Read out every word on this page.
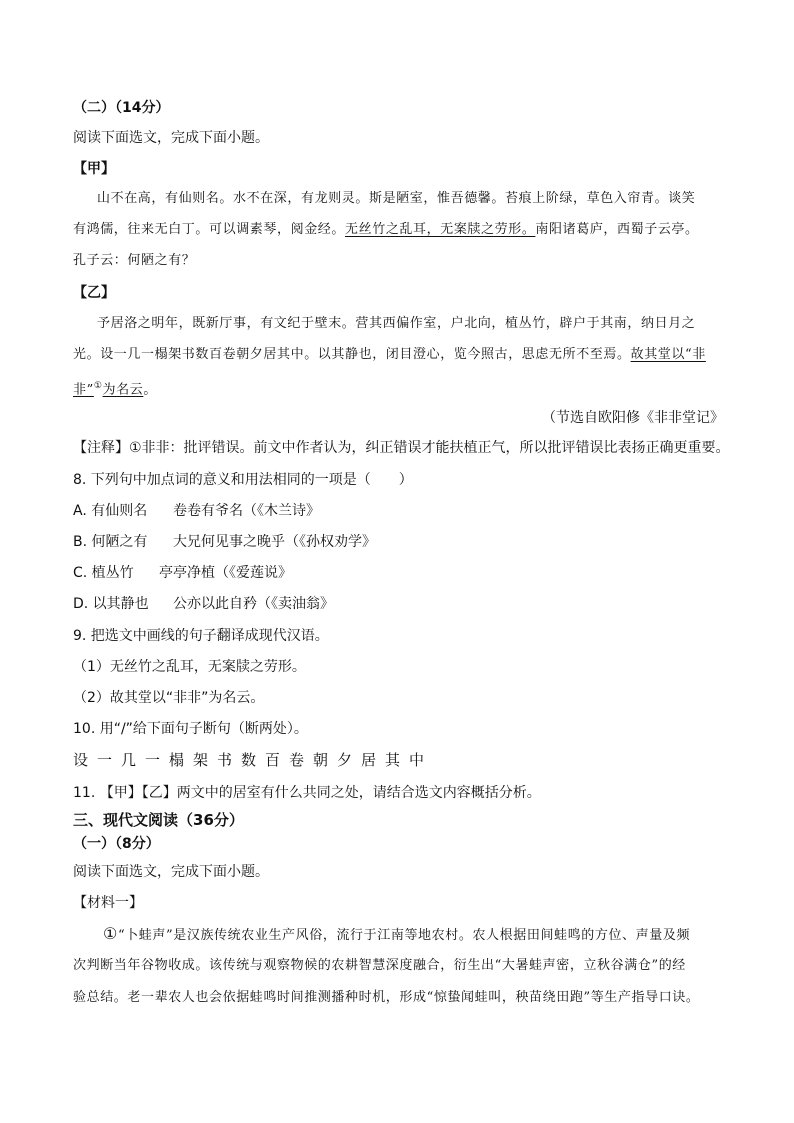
（二）（14分）
阅读下面选文，完成下面小题。
【甲】
山不在高，有仙则名。水不在深，有龙则灵。斯是陋室，惟吾德馨。苔痕上阶绿，草色入帘青。谈笑
有鸿儒，往来无白丁。可以调素琴，阅金经。无丝竹之乱耳，无案牍之劳形。南阳诸葛庐，西蜀子云亭。
孔子云：何陋之有？
【乙】
予居洛之明年，既新厅事，有文纪于壁末。营其西偏作室，户北向，植丛竹，辟户于其南，纳日月之
光。设一几一榻架书数百卷朝夕居其中。以其静也，闭目澄心，览今照古，思虑无所不至焉。故其堂以“非
非”①为名云。
（节选自欧阳修《非非堂记》
【注释】①非非：批评错误。前文中作者认为，纠正错误才能扶植正气，所以批评错误比表扬正确更重要。
8. 下列句中加点词的意义和用法相同的一项是（　　）
A. 有仙则名 卷卷有爷名（《木兰诗》
B. 何陋之有 大兄何见事之晚乎（《孙权劝学》
C. 植丛竹 亭亭净植（《爱莲说》
D. 以其静也 公亦以此自矜（《卖油翁》
9. 把选文中画线的句子翻译成现代汉语。
（1）无丝竹之乱耳，无案牍之劳形。
（2）故其堂以“非非”为名云。
10. 用“/”给下面句子断句（断两处）。
设一几一榻架书数百卷朝夕居其中
11. 【甲】【乙】两文中的居室有什么共同之处，请结合选文内容概括分析。
三、现代文阅读（36分）
（一）（8分）
阅读下面选文，完成下面小题。
【材料一】
①“卜蛙声”是汉族传统农业生产风俗，流行于江南等地农村。农人根据田间蛙鸣的方位、声量及频
次判断当年谷物收成。该传统与观察物候的农耕智慧深度融合，衍生出“大暑蛙声密，立秋谷满仓”的经
验总结。老一辈农人也会依据蛙鸣时间推测播种时机，形成“惊蛰闻蛙叫，秧苗绕田跑”等生产指导口诀。
